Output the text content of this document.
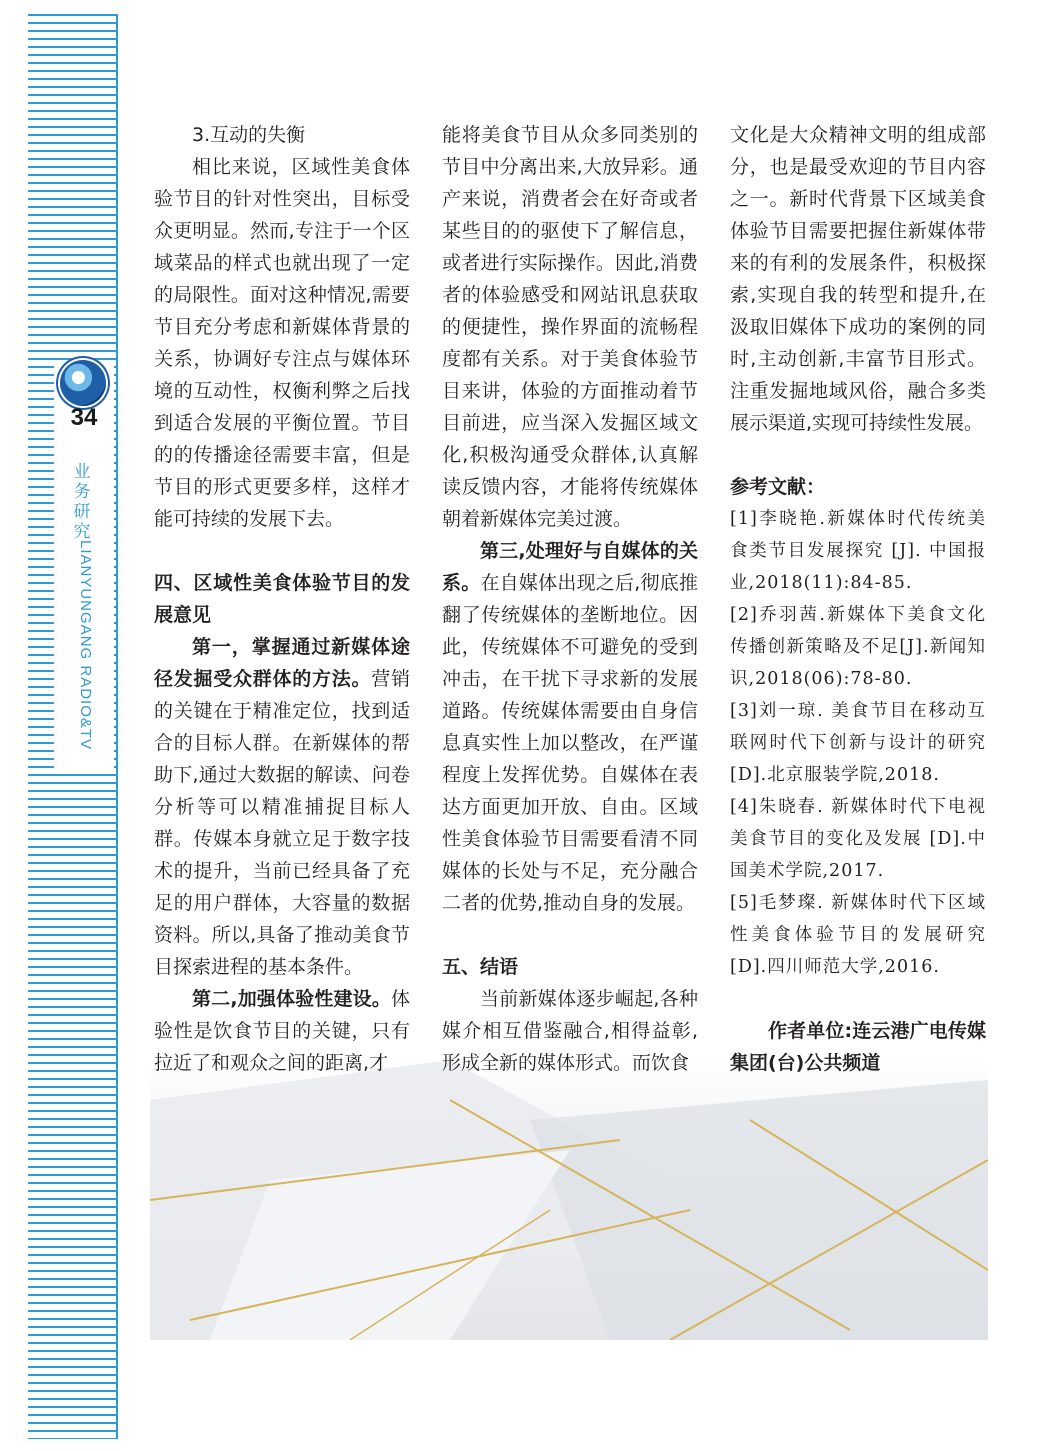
34
业
务
研
究
LIANYUNGANG RADIO&TV

3.互动的失衡

相比来说，区域性美食体验节目的针对性突出，目标受众更明显。然而,专注于一个区域菜品的样式也就出现了一定的局限性。面对这种情况,需要节目充分考虑和新媒体背景的关系，协调好专注点与媒体环境的互动性，权衡利弊之后找到适合发展的平衡位置。节目的的传播途径需要丰富，但是节目的形式更要多样，这样才能可持续的发展下去。

四、区域性美食体验节目的发展意见

第一，掌握通过新媒体途径发掘受众群体的方法。营销的关键在于精准定位，找到适合的目标人群。在新媒体的帮助下,通过大数据的解读、问卷分析等可以精准捕捉目标人群。传媒本身就立足于数字技术的提升，当前已经具备了充足的用户群体，大容量的数据资料。所以,具备了推动美食节目探索进程的基本条件。

第二,加强体验性建设。体验性是饮食节目的关键，只有拉近了和观众之间的距离,才

能将美食节目从众多同类别的节目中分离出来,大放异彩。通产来说，消费者会在好奇或者某些目的的驱使下了解信息，或者进行实际操作。因此,消费者的体验感受和网站讯息获取的便捷性，操作界面的流畅程度都有关系。对于美食体验节目来讲，体验的方面推动着节目前进，应当深入发掘区域文化,积极沟通受众群体,认真解读反馈内容，才能将传统媒体朝着新媒体完美过渡。

第三,处理好与自媒体的关系。在自媒体出现之后,彻底推翻了传统媒体的垄断地位。因此，传统媒体不可避免的受到冲击，在干扰下寻求新的发展道路。传统媒体需要由自身信息真实性上加以整改，在严谨程度上发挥优势。自媒体在表达方面更加开放、自由。区域性美食体验节目需要看清不同媒体的长处与不足，充分融合二者的优势,推动自身的发展。

五、结语

当前新媒体逐步崛起,各种媒介相互借鉴融合,相得益彰,形成全新的媒体形式。而饮食

文化是大众精神文明的组成部分，也是最受欢迎的节目内容之一。新时代背景下区域美食体验节目需要把握住新媒体带来的有利的发展条件，积极探索,实现自我的转型和提升,在汲取旧媒体下成功的案例的同时,主动创新,丰富节目形式。注重发掘地域风俗，融合多类展示渠道,实现可持续性发展。

参考文献：

[1]李晓艳.新媒体时代传统美食类节目发展探究 [J]. 中国报业,2018(11):84-85.

[2]乔羽茜.新媒体下美食文化传播创新策略及不足[J].新闻知识,2018(06):78-80.

[3]刘一琼. 美食节目在移动互联网时代下创新与设计的研究[D].北京服装学院,2018.

[4]朱晓春. 新媒体时代下电视美食节目的变化及发展 [D].中国美术学院,2017.

[5]毛梦璨. 新媒体时代下区域性美食体验节目的发展研究[D].四川师范大学,2016.

作者单位:连云港广电传媒集团(台)公共频道
